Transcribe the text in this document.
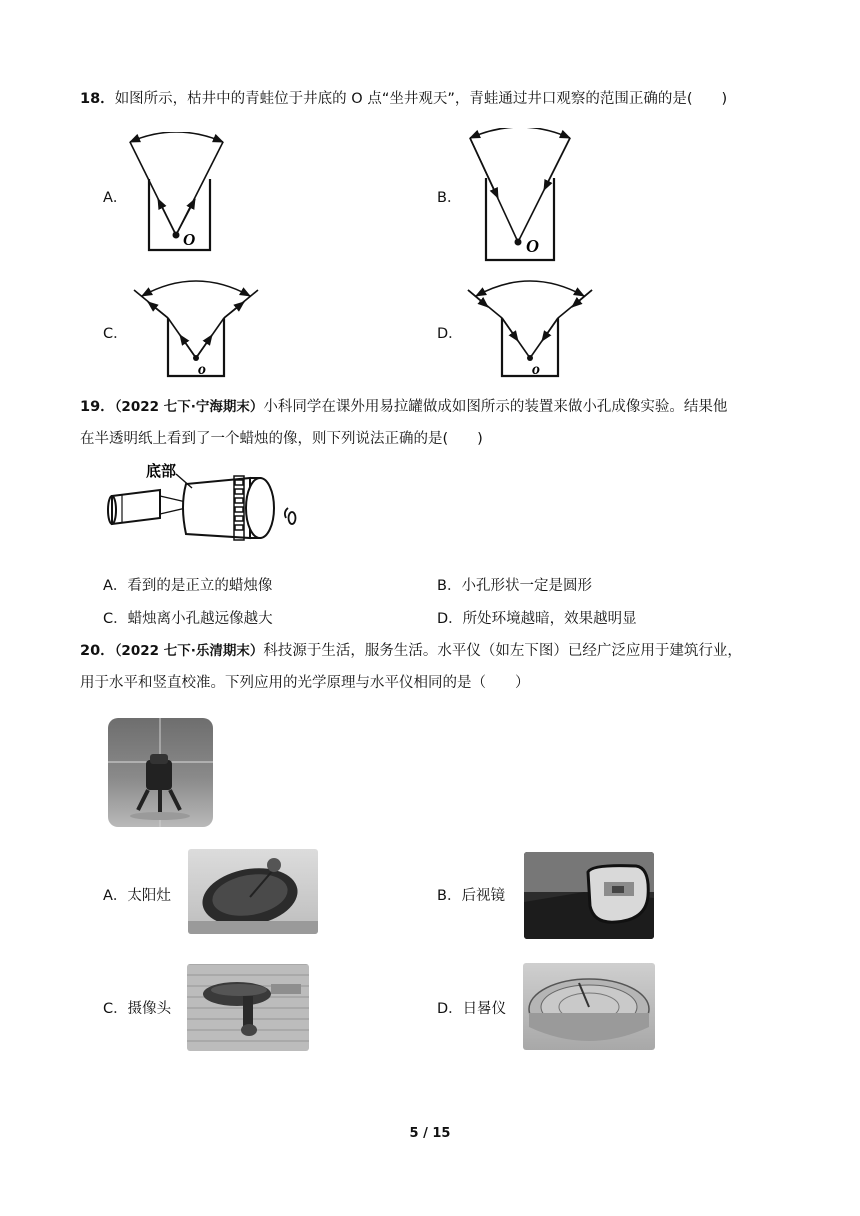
18．如图所示，枯井中的青蛙位于井底的 O 点“坐井观天”，青蛙通过井口观察的范围正确的是(　　)
A．
O
B．
O
C．
o
D．
o
19．（2022 七下·宁海期末）小科同学在课外用易拉罐做成如图所示的装置来做小孔成像实验。结果他
在半透明纸上看到了一个蜡烛的像，则下列说法正确的是(　　)
底部
A．看到的是正立的蜡烛像	B．小孔形状一定是圆形
C．蜡烛离小孔越远像越大	D．所处环境越暗，效果越明显
20．（2022 七下·乐清期末）科技源于生活，服务生活。水平仪（如左下图）已经广泛应用于建筑行业，
用于水平和竖直校准。下列应用的光学原理与水平仪相同的是（　　）
A．太阳灶	B．后视镜
C．摄像头	D．日晷仪
5 / 15
